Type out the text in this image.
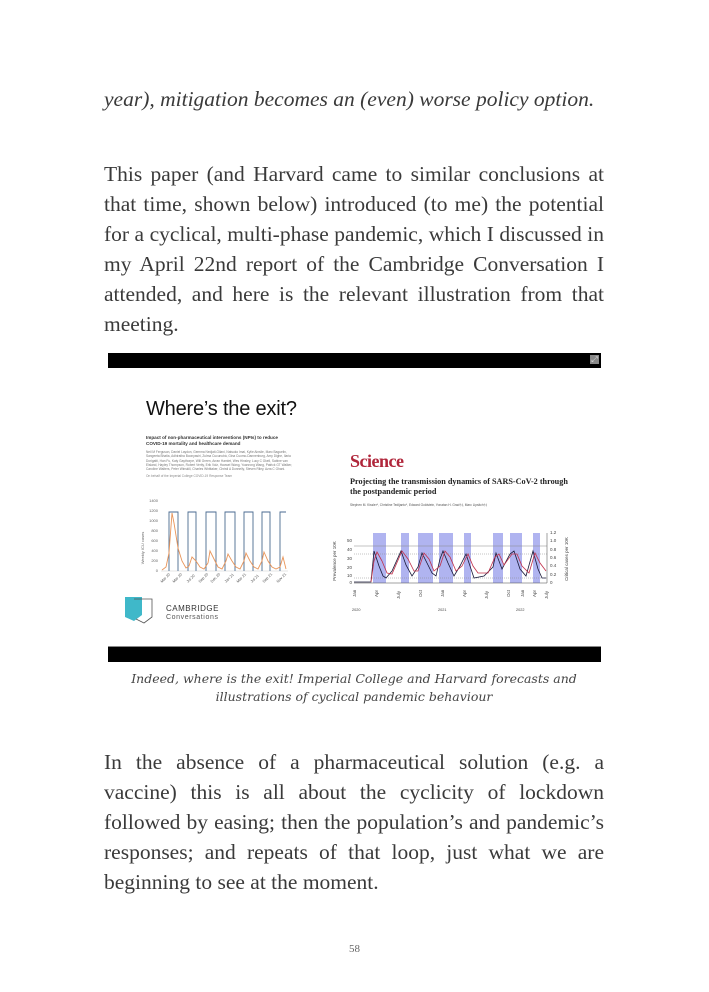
year), mitigation becomes an (even) worse policy option.

This paper (and Harvard came to similar conclusions at that time, shown below) introduced (to me) the potential for a cyclical, multi-phase pandemic, which I discussed in my April 22nd report of the Cambridge Conversation I attended, and here is the relevant illustration from that meeting.

⤢
Where’s the exit?
Impact of non-pharmaceutical interventions (NPIs) to reduce COVID-19 mortality and healthcare demand
Neil M Ferguson, Daniel Laydon, Gemma Nedjati-Gilani, Natsuko Imai, Kylie Ainslie, Marc Baguelin, Sangeeta Bhatia, Adhiratha Boonyasiri, Zulma Cucunubá, Gina Cuomo-Dannenburg, Amy Dighe, Ilaria Dorigatti, Han Fu, Katy Gaythorpe, Will Green, Arran Hamlet, Wes Hinsley, Lucy C Okell, Sabine van Elsland, Hayley Thompson, Robert Verity, Erik Volz, Haowei Wang, Yuanrong Wang, Patrick GT Walker, Caroline Walters, Peter Winskill, Charles Whittaker, Christl A Donnelly, Steven Riley, Azra C Ghani.
On behalf of the Imperial College COVID-19 Response Team
1400
1200
1000
800
600
400
200
0
Weekly ICU cases
Mar 20 Mar 20 Jul 20 Sep 20 Dec 20 Jan 21 Mar 21 Jul 21 Sep 21 Nov 21
Science
Projecting the transmission dynamics of SARS-CoV-2 through the postpandemic period
Stephen M. Kissler*, Christine Tedijanto*, Edward Goldstein, Yonatan H. Grad†‡, Marc Lipsitch†‡
50
40
30
20
10
0
Prevalence per 10K
1.2
1.0
0.8
0.6
0.4
0.2
0
Critical cases per 10K
Jan	Apr	July	Oct	Jan	Apr	July	Oct Jan Apr July
2020	2021	2022
CAMBRIDGE
Conversations
Indeed, where is the exit! Imperial College and Harvard forecasts and illustrations of cyclical pandemic behaviour

In the absence of a pharmaceutical solution (e.g. a vaccine) this is all about the cyclicity of lockdown followed by easing; then the population’s and pandemic’s responses; and repeats of that loop, just what we are beginning to see at the moment.

58
